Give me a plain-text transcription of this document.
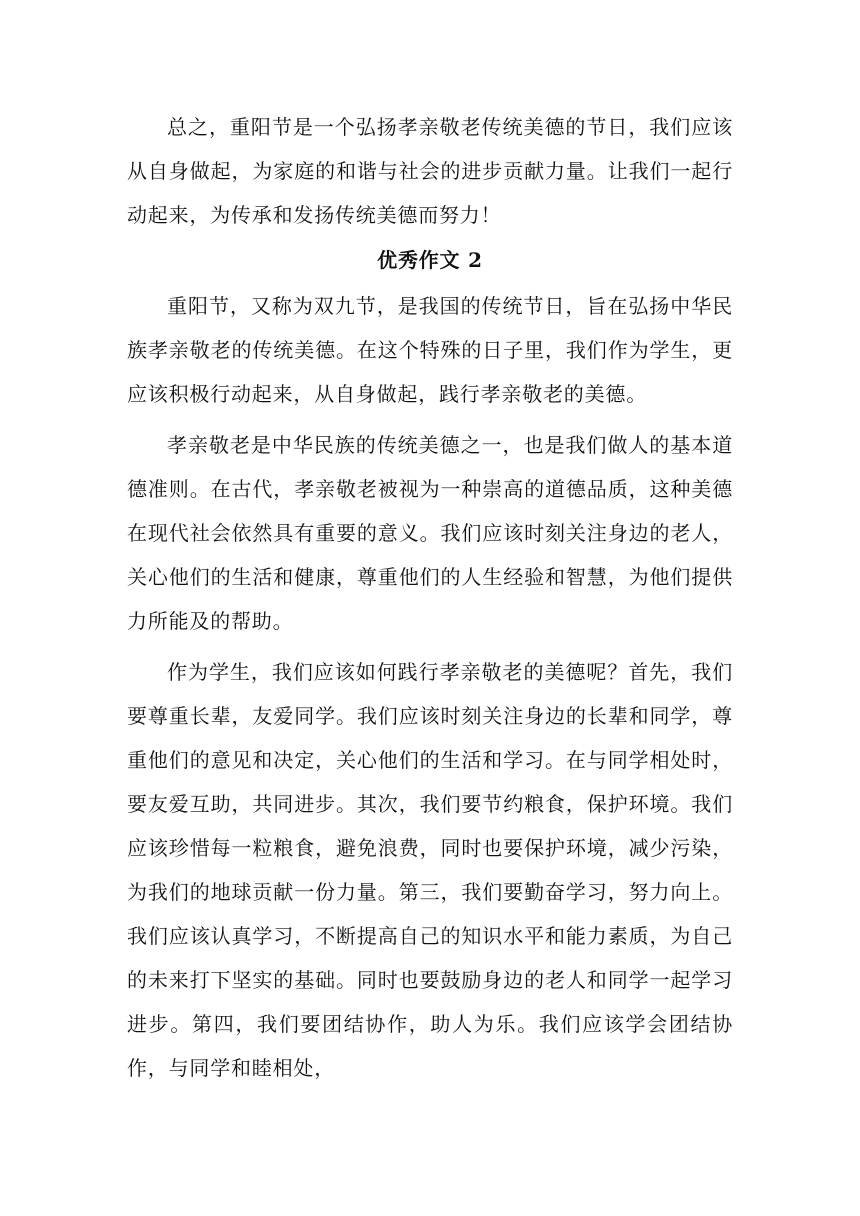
总之，重阳节是一个弘扬孝亲敬老传统美德的节日，我们应该从自身做起，为家庭的和谐与社会的进步贡献力量。让我们一起行动起来，为传承和发扬传统美德而努力！

优秀作文 2

重阳节，又称为双九节，是我国的传统节日，旨在弘扬中华民族孝亲敬老的传统美德。在这个特殊的日子里，我们作为学生，更应该积极行动起来，从自身做起，践行孝亲敬老的美德。

孝亲敬老是中华民族的传统美德之一，也是我们做人的基本道德准则。在古代，孝亲敬老被视为一种崇高的道德品质，这种美德在现代社会依然具有重要的意义。我们应该时刻关注身边的老人，关心他们的生活和健康，尊重他们的人生经验和智慧，为他们提供力所能及的帮助。

作为学生，我们应该如何践行孝亲敬老的美德呢？首先，我们要尊重长辈，友爱同学。我们应该时刻关注身边的长辈和同学，尊重他们的意见和决定，关心他们的生活和学习。在与同学相处时，要友爱互助，共同进步。其次，我们要节约粮食，保护环境。我们应该珍惜每一粒粮食，避免浪费，同时也要保护环境，减少污染，为我们的地球贡献一份力量。第三，我们要勤奋学习，努力向上。我们应该认真学习，不断提高自己的知识水平和能力素质，为自己的未来打下坚实的基础。同时也要鼓励身边的老人和同学一起学习进步。第四，我们要团结协作，助人为乐。我们应该学会团结协作，与同学和睦相处，
